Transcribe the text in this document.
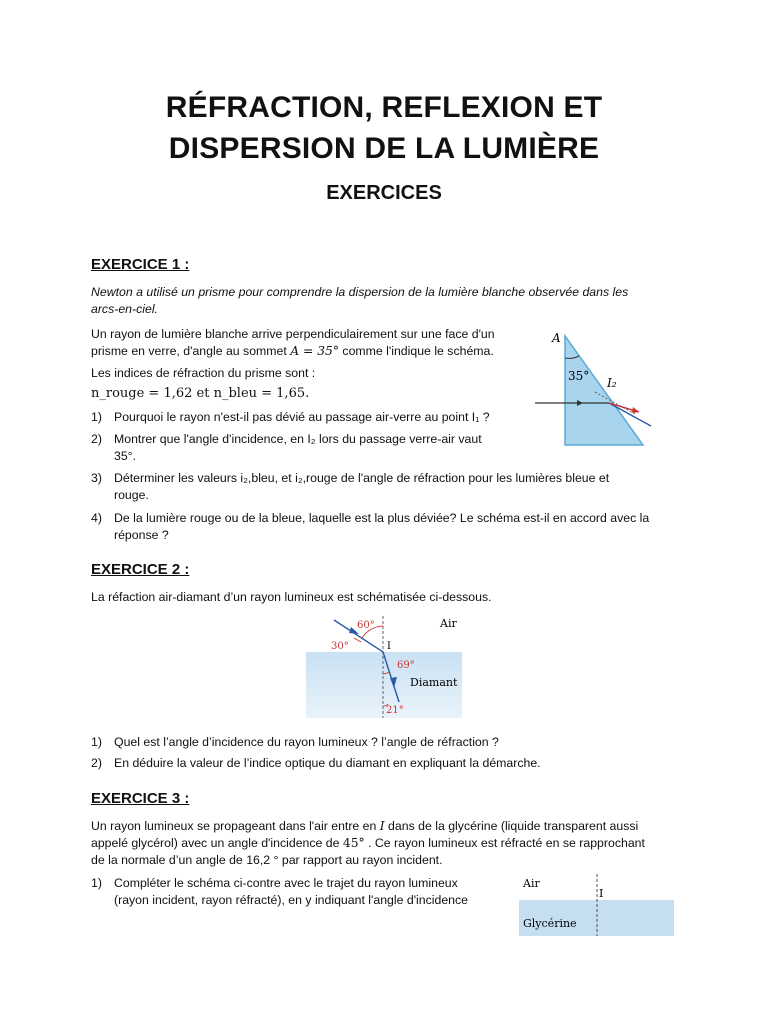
RÉFRACTION, REFLEXION ET
DISPERSION DE LA LUMIÈRE
EXERCICES
EXERCICE 1 :
Newton a utilisé un prisme pour comprendre la dispersion de la lumière blanche observée dans les
arcs-en-ciel.
Un rayon de lumière blanche arrive perpendiculairement sur une face d'un
prisme en verre, d'angle au sommet A = 35° comme l'indique le schéma.
Les indices de réfraction du prisme sont :
n_rouge = 1,62 et n_bleu = 1,65.
1) Pourquoi le rayon n'est-il pas dévié au passage air-verre au point I₁ ?
2) Montrer que l'angle d'incidence, en I₂ lors du passage verre-air vaut
35°.
3) Déterminer les valeurs i₂,bleu, et i₂,rouge de l'angle de réfraction pour les lumières bleue et
rouge.
4) De la lumière rouge ou de la bleue, laquelle est la plus déviée? Le schéma est-il en accord avec la
réponse ?
A
35° I₂
EXERCICE 2 :
La réfaction air-diamant d’un rayon lumineux est schématisée ci-dessous.
60°
30°	I
Air
69°
Diamant
21°
1) Quel est l’angle d’incidence du rayon lumineux ? l’angle de réfraction ?
2) En déduire la valeur de l’indice optique du diamant en expliquant la démarche.
EXERCICE 3 :
Un rayon lumineux se propageant dans l'air entre en I dans de la glycérine (liquide transparent aussi
appelé glycérol) avec un angle d'incidence de 45° . Ce rayon lumineux est réfracté en se rapprochant
de la normale d’un angle de 16,2 ° par rapport au rayon incident.
1) Compléter le schéma ci-contre avec le trajet du rayon lumineux
(rayon incident, rayon réfracté), en y indiquant l'angle d'incidence
Air
I
Glycérine
